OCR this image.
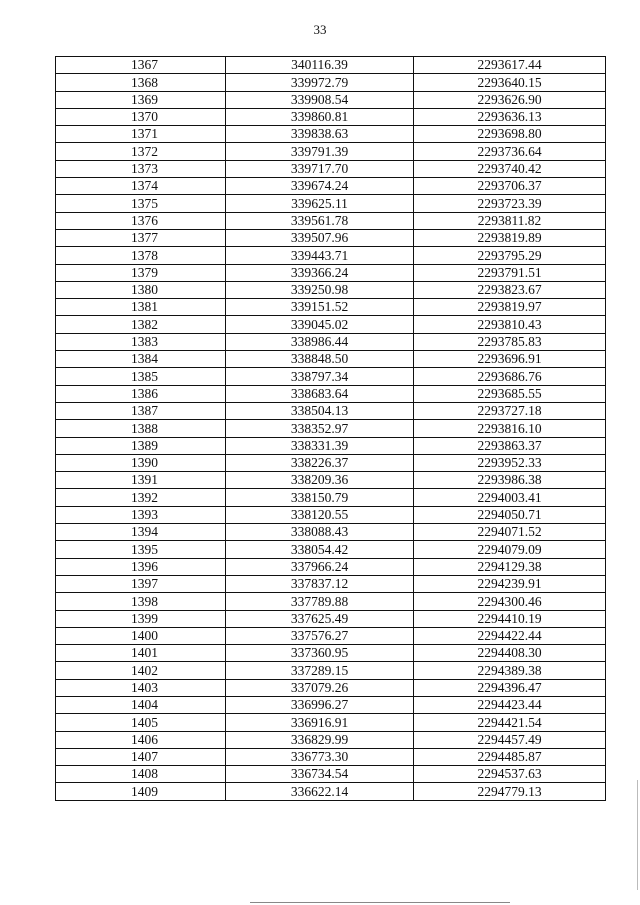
33
1367	340116.39	2293617.44
1368	339972.79	2293640.15
1369	339908.54	2293626.90
1370	339860.81	2293636.13
1371	339838.63	2293698.80
1372	339791.39	2293736.64
1373	339717.70	2293740.42
1374	339674.24	2293706.37
1375	339625.11	2293723.39
1376	339561.78	2293811.82
1377	339507.96	2293819.89
1378	339443.71	2293795.29
1379	339366.24	2293791.51
1380	339250.98	2293823.67
1381	339151.52	2293819.97
1382	339045.02	2293810.43
1383	338986.44	2293785.83
1384	338848.50	2293696.91
1385	338797.34	2293686.76
1386	338683.64	2293685.55
1387	338504.13	2293727.18
1388	338352.97	2293816.10
1389	338331.39	2293863.37
1390	338226.37	2293952.33
1391	338209.36	2293986.38
1392	338150.79	2294003.41
1393	338120.55	2294050.71
1394	338088.43	2294071.52
1395	338054.42	2294079.09
1396	337966.24	2294129.38
1397	337837.12	2294239.91
1398	337789.88	2294300.46
1399	337625.49	2294410.19
1400	337576.27	2294422.44
1401	337360.95	2294408.30
1402	337289.15	2294389.38
1403	337079.26	2294396.47
1404	336996.27	2294423.44
1405	336916.91	2294421.54
1406	336829.99	2294457.49
1407	336773.30	2294485.87
1408	336734.54	2294537.63
1409	336622.14	2294779.13
